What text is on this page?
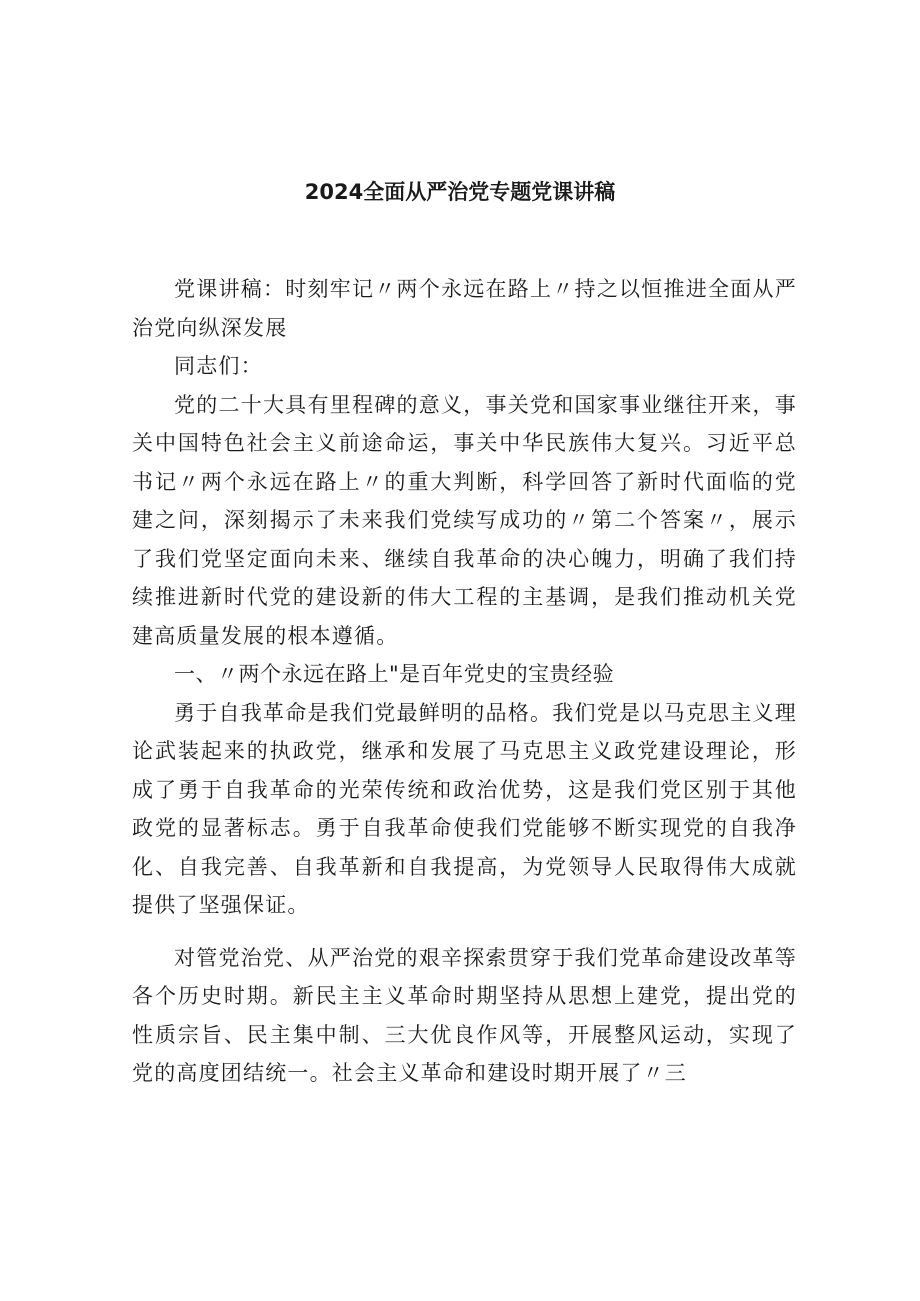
2024全面从严治党专题党课讲稿

党课讲稿：时刻牢记〃两个永远在路上〃持之以恒推进全面从严治党向纵深发展

同志们：

党的二十大具有里程碑的意义，事关党和国家事业继往开来，事关中国特色社会主义前途命运，事关中华民族伟大复兴。习近平总书记〃两个永远在路上〃的重大判断，科学回答了新时代面临的党建之问，深刻揭示了未来我们党续写成功的〃第二个答案〃，展示了我们党坚定面向未来、继续自我革命的决心魄力，明确了我们持续推进新时代党的建设新的伟大工程的主基调，是我们推动机关党建高质量发展的根本遵循。

一、〃两个永远在路上"是百年党史的宝贵经验

勇于自我革命是我们党最鲜明的品格。我们党是以马克思主义理论武装起来的执政党，继承和发展了马克思主义政党建设理论，形成了勇于自我革命的光荣传统和政治优势，这是我们党区别于其他政党的显著标志。勇于自我革命使我们党能够不断实现党的自我净化、自我完善、自我革新和自我提高，为党领导人民取得伟大成就提供了坚强保证。

对管党治党、从严治党的艰辛探索贯穿于我们党革命建设改革等各个历史时期。新民主主义革命时期坚持从思想上建党，提出党的性质宗旨、民主集中制、三大优良作风等，开展整风运动，实现了党的高度团结统一。社会主义革命和建设时期开展了〃三
